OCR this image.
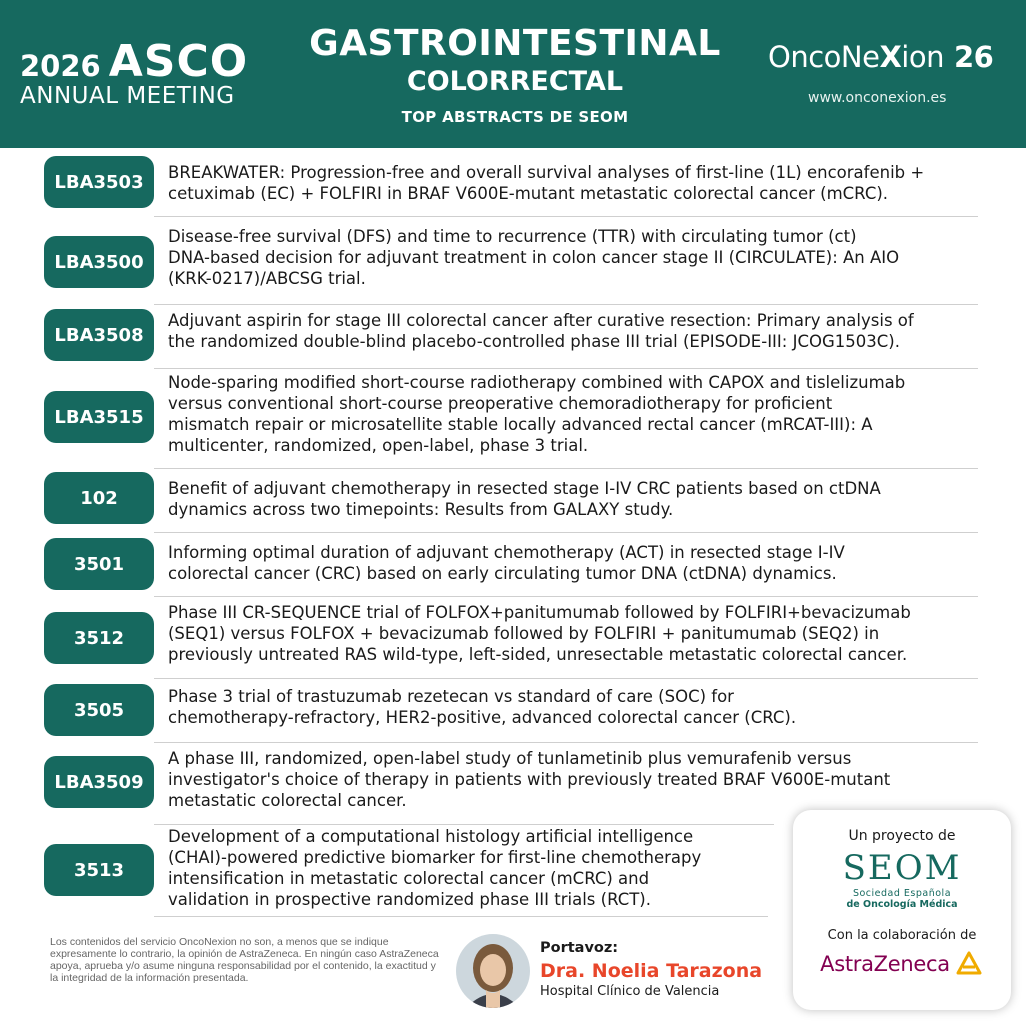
2026 ASCO
ANNUAL MEETING
GASTROINTESTINAL
COLORRECTAL
TOP ABSTRACTS DE SEOM
OncoNe X ion 26
www.onconexion.es
LBA3503	BREAKWATER: Progression-free and overall survival analyses of first-line (1L) encorafenib +
cetuximab (EC) + FOLFIRI in BRAF V600E-mutant metastatic colorectal cancer (mCRC).
LBA3500
Disease-free survival (DFS) and time to recurrence (TTR) with circulating tumor (ct)
DNA-based decision for adjuvant treatment in colon cancer stage II (CIRCULATE): An AIO
(KRK-0217)/ABCSG trial.
LBA3508
Adjuvant aspirin for stage III colorectal cancer after curative resection: Primary analysis of
the randomized double-blind placebo-controlled phase III trial (EPISODE-III: JCOG1503C).
LBA3515
Node-sparing modified short-course radiotherapy combined with CAPOX and tislelizumab
versus conventional short-course preoperative chemoradiotherapy for proficient
mismatch repair or microsatellite stable locally advanced rectal cancer (mRCAT-III): A
multicenter, randomized, open-label, phase 3 trial.
102	Benefit of adjuvant chemotherapy in resected stage I-IV CRC patients based on ctDNA
dynamics across two timepoints: Results from GALAXY study.
3501
Informing optimal duration of adjuvant chemotherapy (ACT) in resected stage I-IV
colorectal cancer (CRC) based on early circulating tumor DNA (ctDNA) dynamics.
3512
Phase III CR-SEQUENCE trial of FOLFOX+panitumumab followed by FOLFIRI+bevacizumab
(SEQ1) versus FOLFOX + bevacizumab followed by FOLFIRI + panitumumab (SEQ2) in
previously untreated RAS wild-type, left-sided, unresectable metastatic colorectal cancer.
3505
Phase 3 trial of trastuzumab rezetecan vs standard of care (SOC) for
chemotherapy-refractory, HER2-positive, advanced colorectal cancer (CRC).
LBA3509
A phase III, randomized, open-label study of tunlametinib plus vemurafenib versus
investigator's choice of therapy in patients with previously treated BRAF V600E-mutant
metastatic colorectal cancer.
3513
Development of a computational histology artificial intelligence
(CHAI)-powered predictive biomarker for first-line chemotherapy
intensification in metastatic colorectal cancer (mCRC) and
validation in prospective randomized phase III trials (RCT).
Un proyecto de
SEOM
Sociedad Española
de Oncología Médica
Con la colaboración de
AstraZeneca
Los contenidos del servicio OncoNexion no son, a menos que se indique expresamente lo contrario, la opinión de AstraZeneca. En ningún caso AstraZeneca apoya, aprueba y/o asume ninguna responsabilidad por el contenido, la exactitud y la integridad de la información presentada.
Portavoz:
Dra. Noelia Tarazona
Hospital Clínico de Valencia
